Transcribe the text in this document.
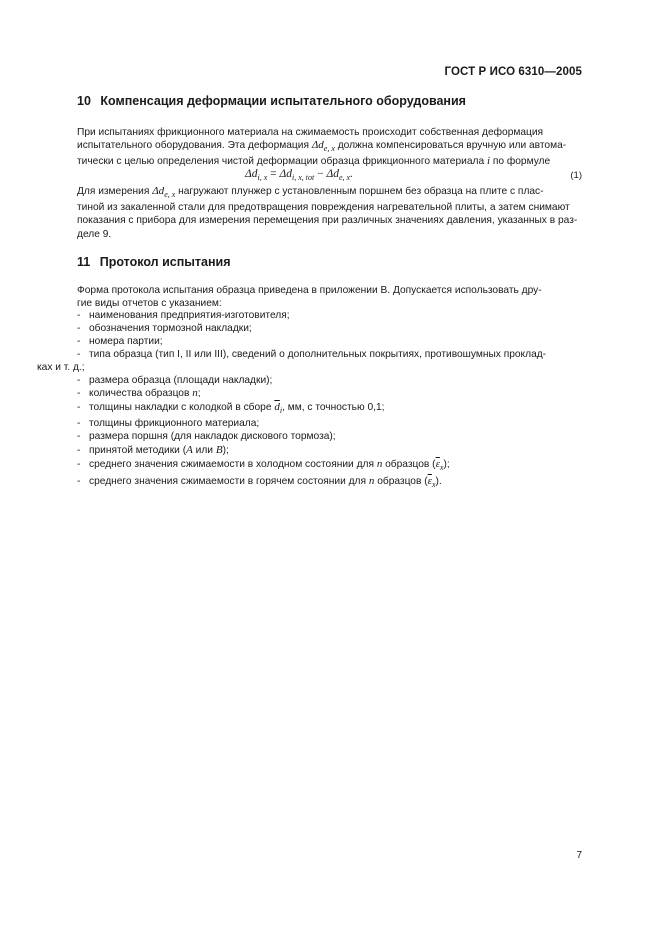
ГОСТ Р ИСО 6310—2005
10 Компенсация деформации испытательного оборудования
При испытаниях фрикционного материала на сжимаемость происходит собственная деформация
испытательного оборудования. Эта деформация $\Delta d_{e, x}$ должна компенсироваться вручную или автома-
тически с целью определения чистой деформации образца фрикционного материала i по формуле
$\Delta d_{i, x} = \Delta d_{i, x, tot} - \Delta d_{e, x}$.	(1)
Для измерения $\Delta d_{e, x}$ нагружают плунжер с установленным поршнем без образца на плите с плас-
тиной из закаленной стали для предотвращения повреждения нагревательной плиты, а затем снимают
показания с прибора для измерения перемещения при различных значениях давления, указанных в раз-
деле 9.
11 Протокол испытания
Форма протокола испытания образца приведена в приложении В. Допускается использовать дру-
гие виды отчетов с указанием:
- наименования предприятия-изготовителя;
- обозначения тормозной накладки;
- номера партии;
- типа образца (тип I, II или III), сведений о дополнительных покрытиях, противошумных проклад-
ках и т. д.;
- размера образца (площади накладки);
- количества образцов n;
- толщины накладки с колодкой в сборе $\overline{d}_i$, мм, с точностью 0,1;
- толщины фрикционного материала;
- размера поршня (для накладок дискового тормоза);
- принятой методики (A или B);
- среднего значения сжимаемости в холодном состоянии для n образцов $(\overline{\varepsilon}_x)$;
- среднего значения сжимаемости в горячем состоянии для n образцов $(\overline{\varepsilon}_x)$.
7
